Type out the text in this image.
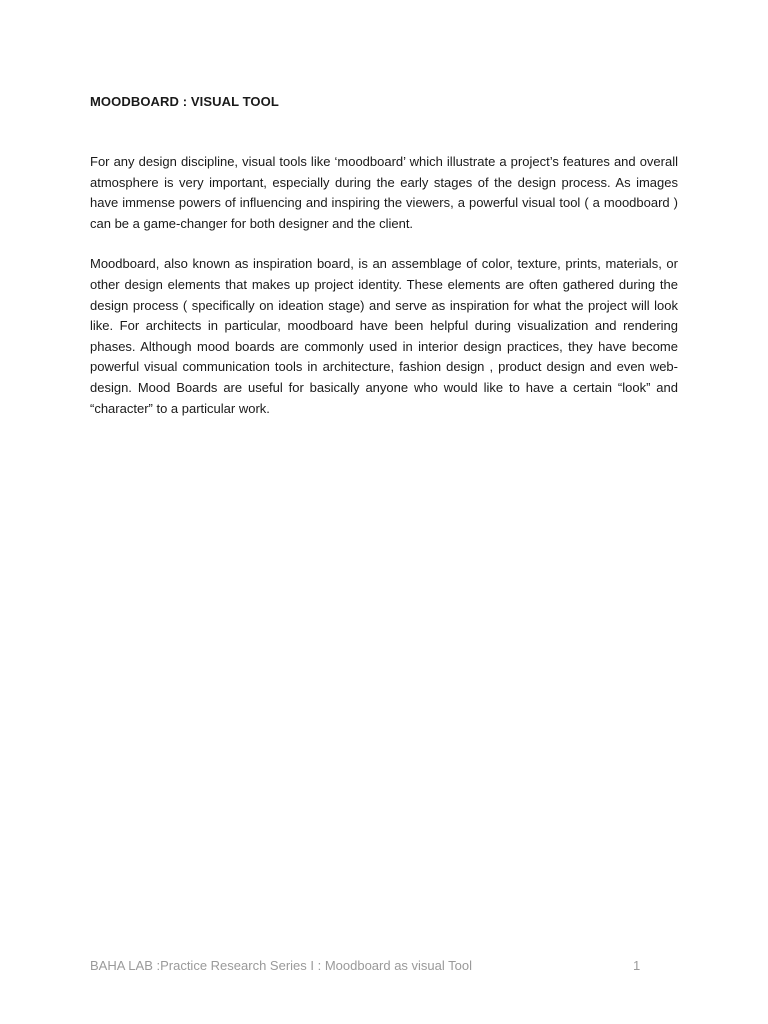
MOODBOARD : VISUAL TOOL

For any design discipline, visual tools like ‘moodboard’ which illustrate a project’s features and overall atmosphere is very important, especially during the early stages of the design process. As images have immense powers of influencing and inspiring the viewers, a powerful visual tool ( a moodboard ) can be a game-changer for both designer and the client.

Moodboard, also known as inspiration board, is an assemblage of color, texture, prints, materials, or other design elements that makes up project identity. These elements are often gathered during the design process ( specifically on ideation stage) and serve as inspiration for what the project will look like. For architects in particular, moodboard have been helpful during visualization and rendering phases. Although mood boards are commonly used in interior design practices, they have become powerful visual communication tools in architecture, fashion design , product design and even web-design. Mood Boards are useful for basically anyone who would like to have a certain “look” and “character” to a particular work.

BAHA LAB :Practice Research Series I : Moodboard as visual Tool	1
